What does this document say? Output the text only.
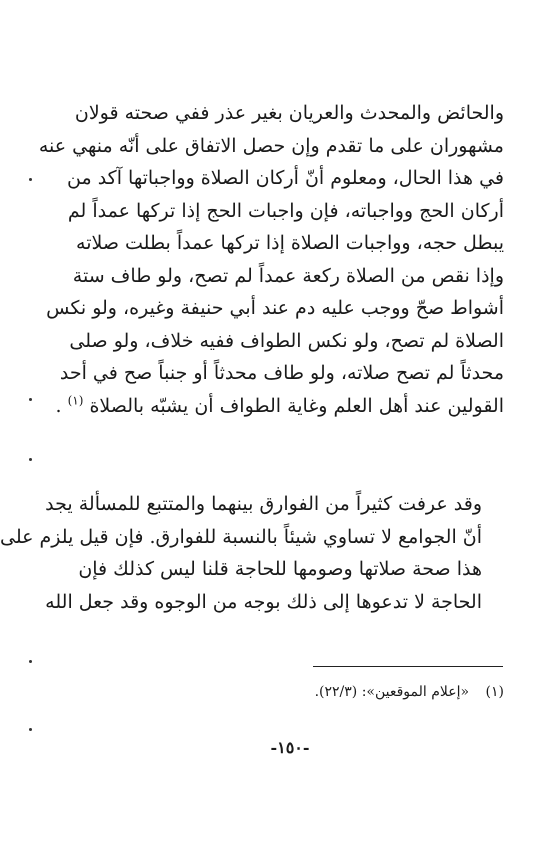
والحائض والمحدث والعريان بغير عذر ففي صحته قولان
مشهوران على ما تقدم وإن حصل الاتفاق على أنّه منهي عنه
في هذا الحال، ومعلوم أنّ أركان الصلاة وواجباتها آكد من
أركان الحج وواجباته، فإن واجبات الحج إذا تركها عمداً لم
يبطل حجه، وواجبات الصلاة إذا تركها عمداً بطلت صلاته
وإذا نقص من الصلاة ركعة عمداً لم تصح، ولو طاف ستة
أشواط صحّ ووجب عليه دم عند أبي حنيفة وغيره، ولو نكس
الصلاة لم تصح، ولو نكس الطواف ففيه خلاف، ولو صلى
محدثاً لم تصح صلاته، ولو طاف محدثاً أو جنباً صح في أحد
القولين عند أهل العلم وغاية الطواف أن يشبّه بالصلاة $^{(١)}$ .
وقد عرفت كثيراً من الفوارق بينهما والمتتبع للمسألة يجد
أنّ الجوامع لا تساوي شيئاً بالنسبة للفوارق. فإن قيل يلزم على
هذا صحة صلاتها وصومها للحاجة قلنا ليس كذلك فإن
الحاجة لا تدعوها إلى ذلك بوجه من الوجوه وقد جعل الله
(١) «إعلام الموقعين»: (٢٢/٣).
-١٥٠-
